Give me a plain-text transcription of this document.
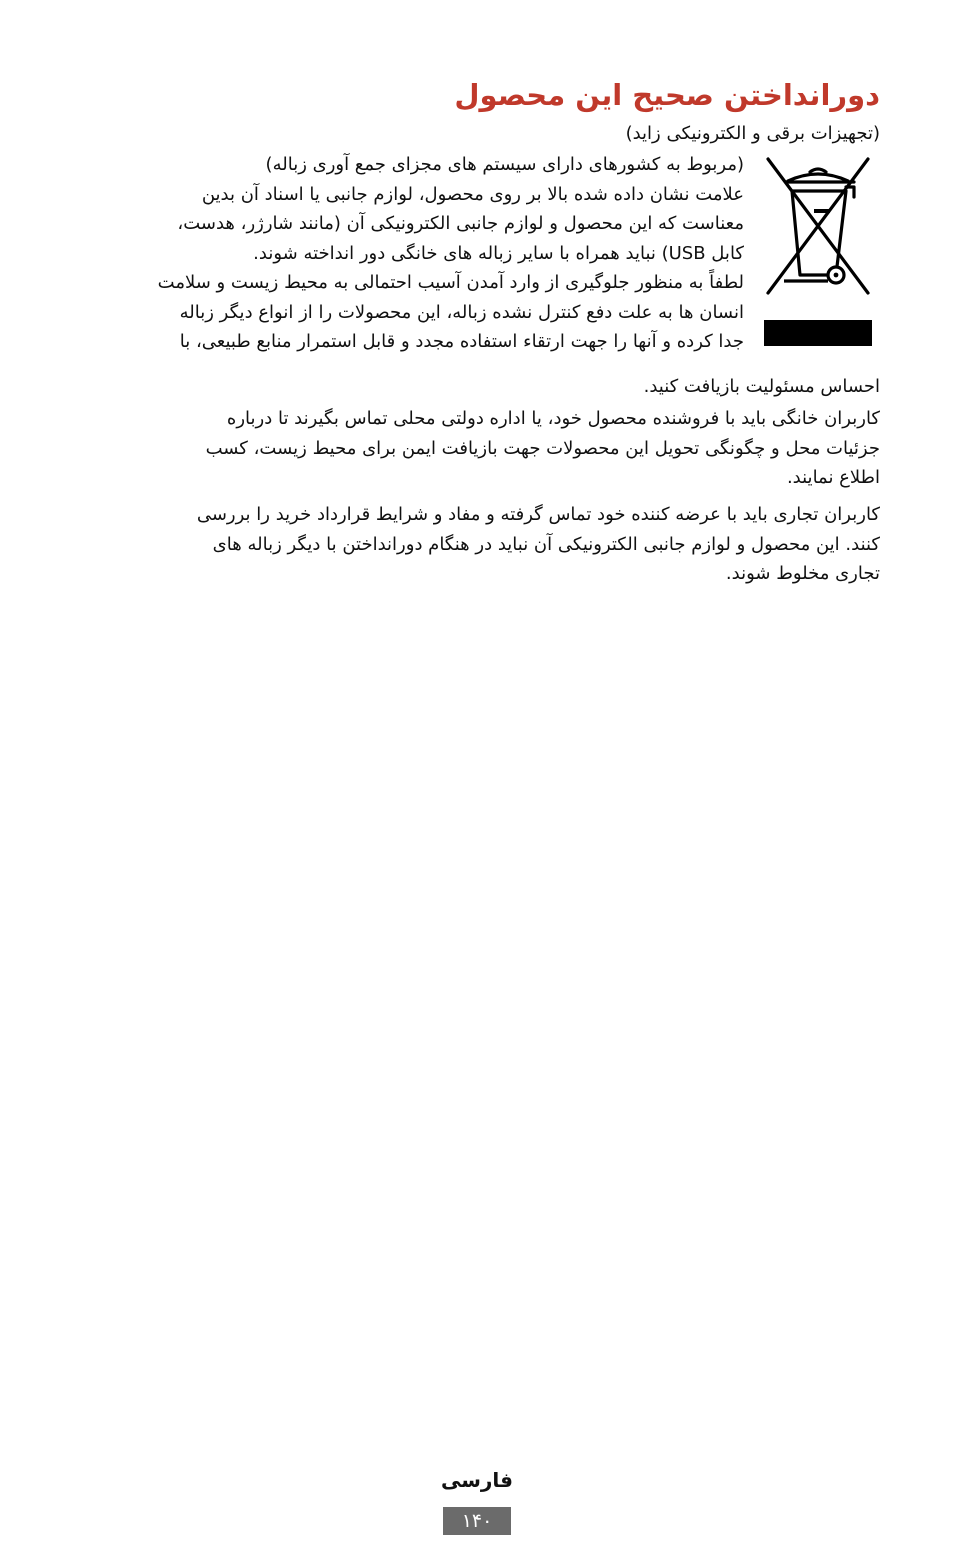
دورانداختن صحیح این محصول
(تجهیزات برقی و الکترونیکی زاید)

(مربوط به کشورهای دارای سیستم های مجزای جمع آوری زباله)
علامت نشان داده شده بالا بر روی محصول، لوازم جانبی یا اسناد آن بدین
معناست که این محصول و لوازم جانبی الکترونیکی آن (مانند شارژر، هدست،
کابل USB) نباید همراه با سایر زباله های خانگی دور انداخته شوند.
لطفاً به منظور جلوگیری از وارد آمدن آسیب احتمالی به محیط زیست و سلامت
انسان ها به علت دفع کنترل نشده زباله، این محصولات را از انواع دیگر زباله
جدا کرده و آنها را جهت ارتقاء استفاده مجدد و قابل استمرار منابع طبیعی، با

احساس مسئولیت بازیافت کنید.

کاربران خانگی باید با فروشنده محصول خود، یا اداره دولتی محلی تماس بگیرند تا درباره
جزئیات محل و چگونگی تحویل این محصولات جهت بازیافت ایمن برای محیط زیست، کسب
اطلاع نمایند.

کاربران تجاری باید با عرضه کننده خود تماس گرفته و مفاد و شرایط قرارداد خرید را بررسی
کنند. این محصول و لوازم جانبی الکترونیکی آن نباید در هنگام دورانداختن با دیگر زباله های
تجاری مخلوط شوند.

فارسی
۱۴۰
